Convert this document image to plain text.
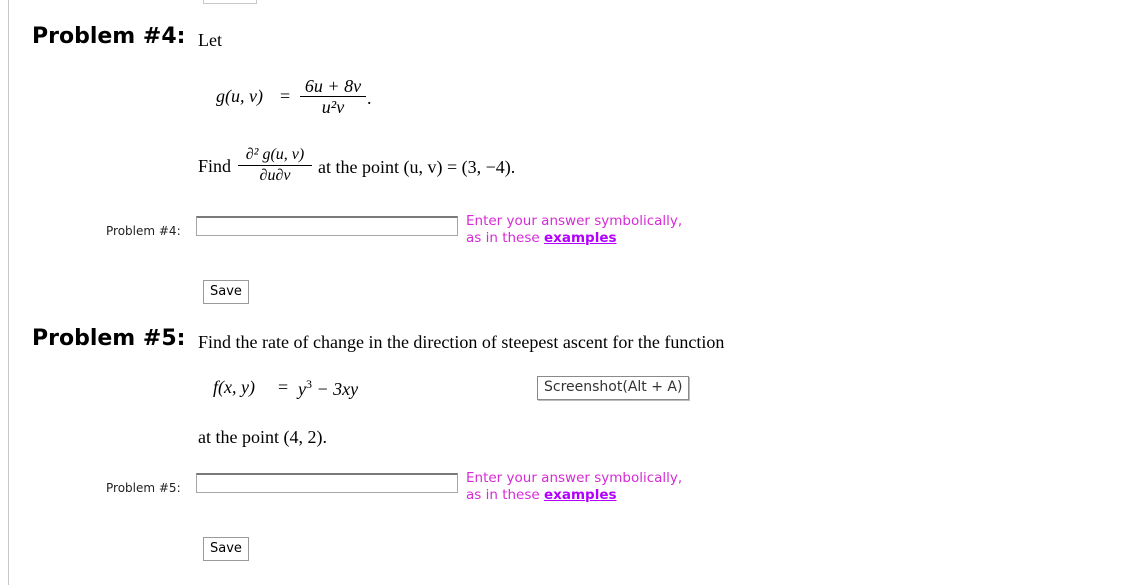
Problem #4: Let
g(u, v) = 6u + 8v
u²v	.
Find
∂² g(u, v)
∂u∂v	at the point (u, v) = (3, −4).
Problem #4:
Enter your answer symbolically,
as in these examples
Save
Problem #5: Find the rate of change in the direction of steepest ascent for the function
f(x, $y) = y^3 - 3xy$	Screenshot(Alt + A)
at the point (4, 2).
Problem #5:
Enter your answer symbolically,
as in these examples
Save
